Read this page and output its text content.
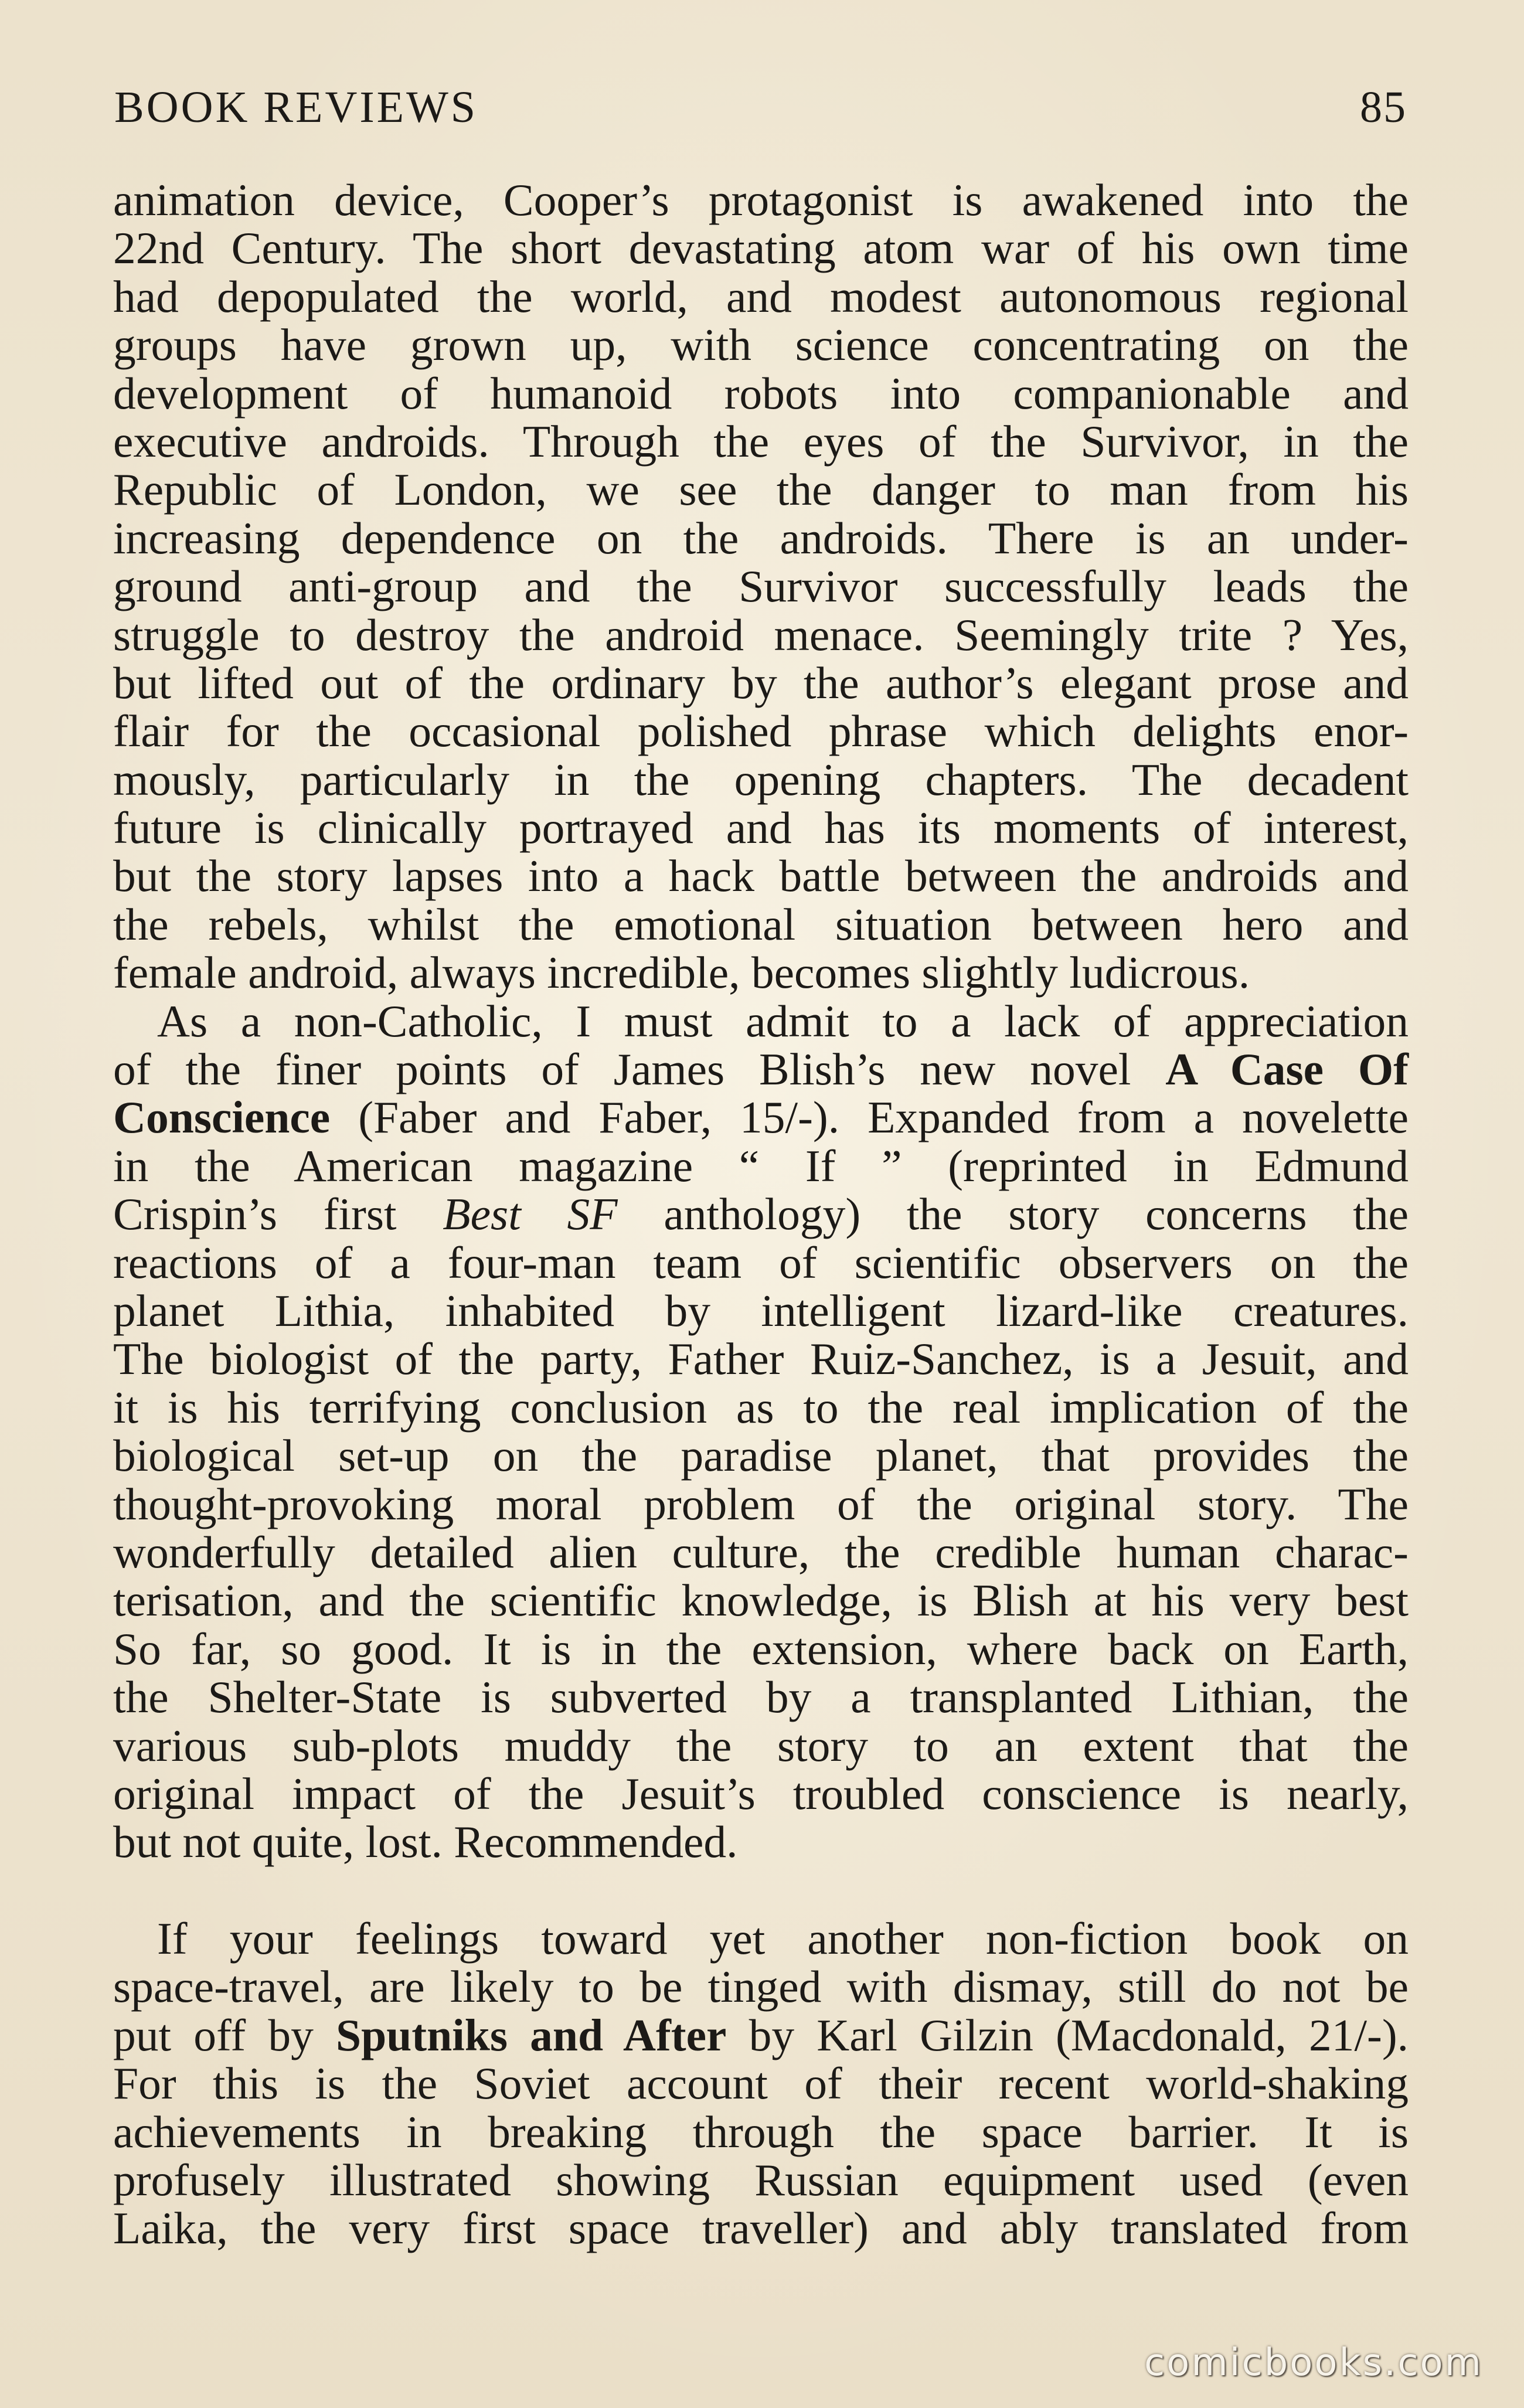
BOOK REVIEWS	85
animation device, Cooper’s protagonist is awakened into the
22nd Century. The short devastating atom war of his own time
had depopulated the world, and modest autonomous regional
groups have grown up, with science concentrating on the
development of humanoid robots into companionable and
executive androids. Through the eyes of the Survivor, in the
Republic of London, we see the danger to man from his
increasing dependence on the androids. There is an under-
ground anti-group and the Survivor successfully leads the
struggle to destroy the android menace. Seemingly trite ? Yes,
but lifted out of the ordinary by the author’s elegant prose and
flair for the occasional polished phrase which delights enor-
mously, particularly in the opening chapters. The decadent
future is clinically portrayed and has its moments of interest,
but the story lapses into a hack battle between the androids and
the rebels, whilst the emotional situation between hero and
female android, always incredible, becomes slightly ludicrous.
As a non-Catholic, I must admit to a lack of appreciation
of the finer points of James Blish’s new novel A Case Of
Conscience (Faber and Faber, 15/-). Expanded from a novelette
in the American magazine “ If ” (reprinted in Edmund
Crispin’s first Best SF anthology) the story concerns the
reactions of a four-man team of scientific observers on the
planet Lithia, inhabited by intelligent lizard-like creatures.
The biologist of the party, Father Ruiz-Sanchez, is a Jesuit, and
it is his terrifying conclusion as to the real implication of the
biological set-up on the paradise planet, that provides the
thought-provoking moral problem of the original story. The
wonderfully detailed alien culture, the credible human charac-
terisation, and the scientific knowledge, is Blish at his very best
So far, so good. It is in the extension, where back on Earth,
the Shelter-State is subverted by a transplanted Lithian, the
various sub-plots muddy the story to an extent that the
original impact of the Jesuit’s troubled conscience is nearly,
but not quite, lost. Recommended.
If your feelings toward yet another non-fiction book on
space-travel, are likely to be tinged with dismay, still do not be
put off by Sputniks and After by Karl Gilzin (Macdonald, 21/-).
For this is the Soviet account of their recent world-shaking
achievements in breaking through the space barrier. It is
profusely illustrated showing Russian equipment used (even
Laika, the very first space traveller) and ably translated from
comicbooks.com
